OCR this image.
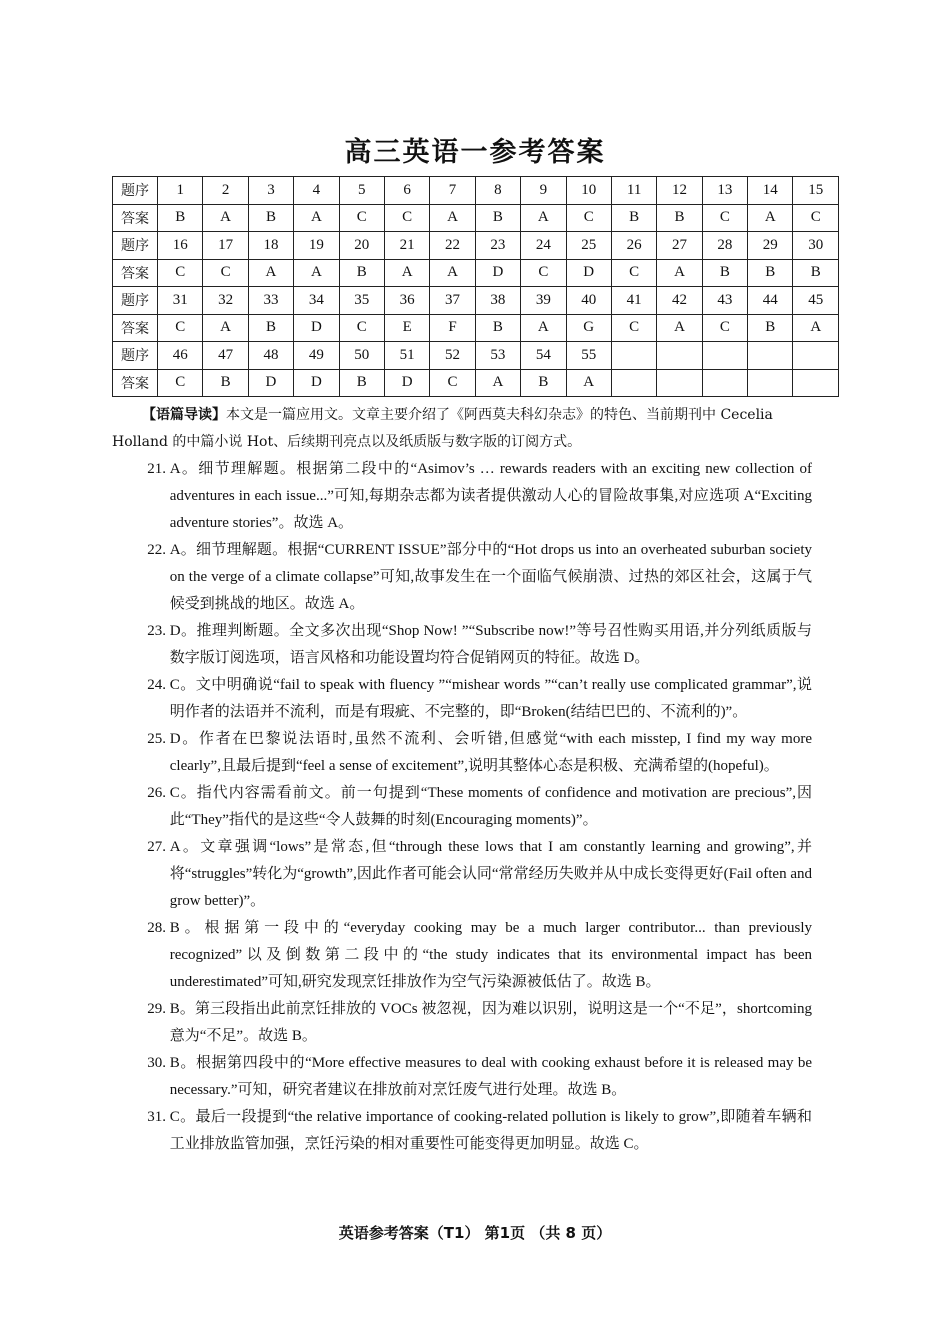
高三英语一参考答案
题序	1	2	3	4	5	6	7	8	9	10	11	12	13	14	15
答案	B	A	B	A	C	C	A	B	A	C	B	B	C	A	C
题序	16	17	18	19	20	21	22	23	24	25	26	27	28	29	30
答案	C	C	A	A	B	A	A	D	C	D	C	A	B	B	B
题序	31	32	33	34	35	36	37	38	39	40	41	42	43	44	45
答案	C	A	B	D	C	E	F	B	A	G	C	A	C	B	A
题序	46	47	48	49	50	51	52	53	54	55					
答案	C	B	D	D	B	D	C	A	B	A					

【语篇导读】本文是一篇应用文。文章主要介绍了《阿西莫夫科幻杂志》的特色、当前期刊中 Cecelia Holland 的中篇小说 Hot、后续期刊亮点以及纸质版与数字版的订阅方式。

21.
A。细节理解题。根据第二段中的“Asimov’s … rewards readers with an exciting new collection of adventures in each issue...”可知,每期杂志都为读者提供激动人心的冒险故事集,对应选项 A“Exciting adventure stories”。故选 A。
22.
A。细节理解题。根据“CURRENT ISSUE”部分中的“Hot drops us into an overheated suburban society on the verge of a climate collapse”可知,故事发生在一个面临气候崩溃、过热的郊区社会，这属于气候受到挑战的地区。故选 A。
23.
D。推理判断题。全文多次出现“Shop Now! ”“Subscribe now!”等号召性购买用语,并分列纸质版与数字版订阅选项，语言风格和功能设置均符合促销网页的特征。故选 D。
24.
C。文中明确说“fail to speak with fluency ”“mishear words ”“can’t really use complicated grammar”,说明作者的法语并不流利，而是有瑕疵、不完整的，即“Broken(结结巴巴的、不流利的)”。
25.
D。作者在巴黎说法语时,虽然不流利、会听错,但感觉“with each misstep, I find my way more clearly”,且最后提到“feel a sense of excitement”,说明其整体心态是积极、充满希望的(hopeful)。
26.
C。指代内容需看前文。前一句提到“These moments of confidence and motivation are precious”,因此“They”指代的是这些“令人鼓舞的时刻(Encouraging moments)”。
27.
A。文章强调“lows”是常态,但“through these lows that I am constantly learning and growing”,并将“struggles”转化为“growth”,因此作者可能会认同“常常经历失败并从中成长变得更好(Fail often and grow better)”。
28.
B。根据第一段中的“everyday cooking may be a much larger contributor... than previously recognized”以及倒数第二段中的“the study indicates that its environmental impact has been underestimated”可知,研究发现烹饪排放作为空气污染源被低估了。故选 B。
29.
B。第三段指出此前烹饪排放的 VOCs 被忽视，因为难以识别，说明这是一个“不足”，shortcoming 意为“不足”。故选 B。
30.
B。根据第四段中的“More effective measures to deal with cooking exhaust before it is released may be necessary.”可知，研究者建议在排放前对烹饪废气进行处理。故选 B。
31.
C。最后一段提到“the relative importance of cooking-related pollution is likely to grow”,即随着车辆和工业排放监管加强，烹饪污染的相对重要性可能变得更加明显。故选 C。
英语参考答案（T1） 第1页 （共 8 页）
